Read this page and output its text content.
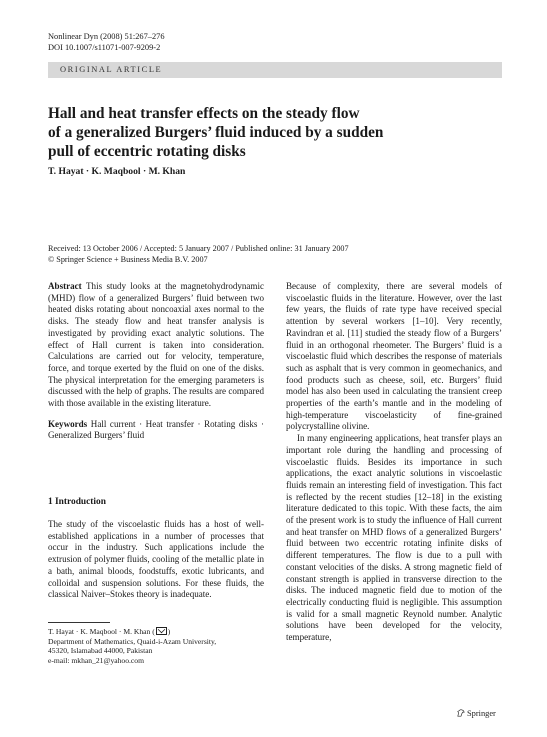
Nonlinear Dyn (2008) 51:267–276
DOI 10.1007/s11071-007-9209-2
ORIGINAL ARTICLE
Hall and heat transfer effects on the steady flow
of a generalized Burgers’ fluid induced by a sudden
pull of eccentric rotating disks
T. Hayat · K. Maqbool · M. Khan
Received: 13 October 2006 / Accepted: 5 January 2007 / Published online: 31 January 2007
© Springer Science + Business Media B.V. 2007

Abstract This study looks at the magnetohydrodynamic (MHD) flow of a generalized Burgers’ fluid between two heated disks rotating about noncoaxial axes normal to the disks. The steady flow and heat transfer analysis is investigated by providing exact analytic solutions. The effect of Hall current is taken into consideration. Calculations are carried out for velocity, temperature, force, and torque exerted by the fluid on one of the disks. The physical interpretation for the emerging parameters is discussed with the help of graphs. The results are compared with those available in the existing literature.

Keywords Hall current · Heat transfer · Rotating disks · Generalized Burgers’ fluid

1 Introduction

The study of the viscoelastic fluids has a host of well-established applications in a number of processes that occur in the industry. Such applications include the extrusion of polymer fluids, cooling of the metallic plate in a bath, animal bloods, foodstuffs, exotic lubricants, and colloidal and suspension solutions. For these fluids, the classical Naiver–Stokes theory is inadequate.

T. Hayat · K. Maqbool · M. Khan ( )
Department of Mathematics, Quaid-i-Azam University,
45320, Islamabad 44000, Pakistan
e-mail: mkhan_21@yahoo.com

Because of complexity, there are several models of viscoelastic fluids in the literature. However, over the last few years, the fluids of rate type have received special attention by several workers [1–10]. Very recently, Ravindran et al. [11] studied the steady flow of a Burgers’ fluid in an orthogonal rheometer. The Burgers’ fluid is a viscoelastic fluid which describes the response of materials such as asphalt that is very common in geomechanics, and food products such as cheese, soil, etc. Burgers’ fluid model has also been used in calculating the transient creep properties of the earth’s mantle and in the modeling of high-temperature viscoelasticity of fine-grained polycrystalline olivine.

In many engineering applications, heat transfer plays an important role during the handling and processing of viscoelastic fluids. Besides its importance in such applications, the exact analytic solutions in viscoelastic fluids remain an interesting field of investigation. This fact is reflected by the recent studies [12–18] in the existing literature dedicated to this topic. With these facts, the aim of the present work is to study the influence of Hall current and heat transfer on MHD flows of a generalized Burgers’ fluid between two eccentric rotating infinite disks of different temperatures. The flow is due to a pull with constant velocities of the disks. A strong magnetic field of constant strength is applied in transverse direction to the disks. The induced magnetic field due to motion of the electrically conducting fluid is negligible. This assumption is valid for a small magnetic Reynold number. Analytic solutions have been developed for the velocity, temperature,

Springer
